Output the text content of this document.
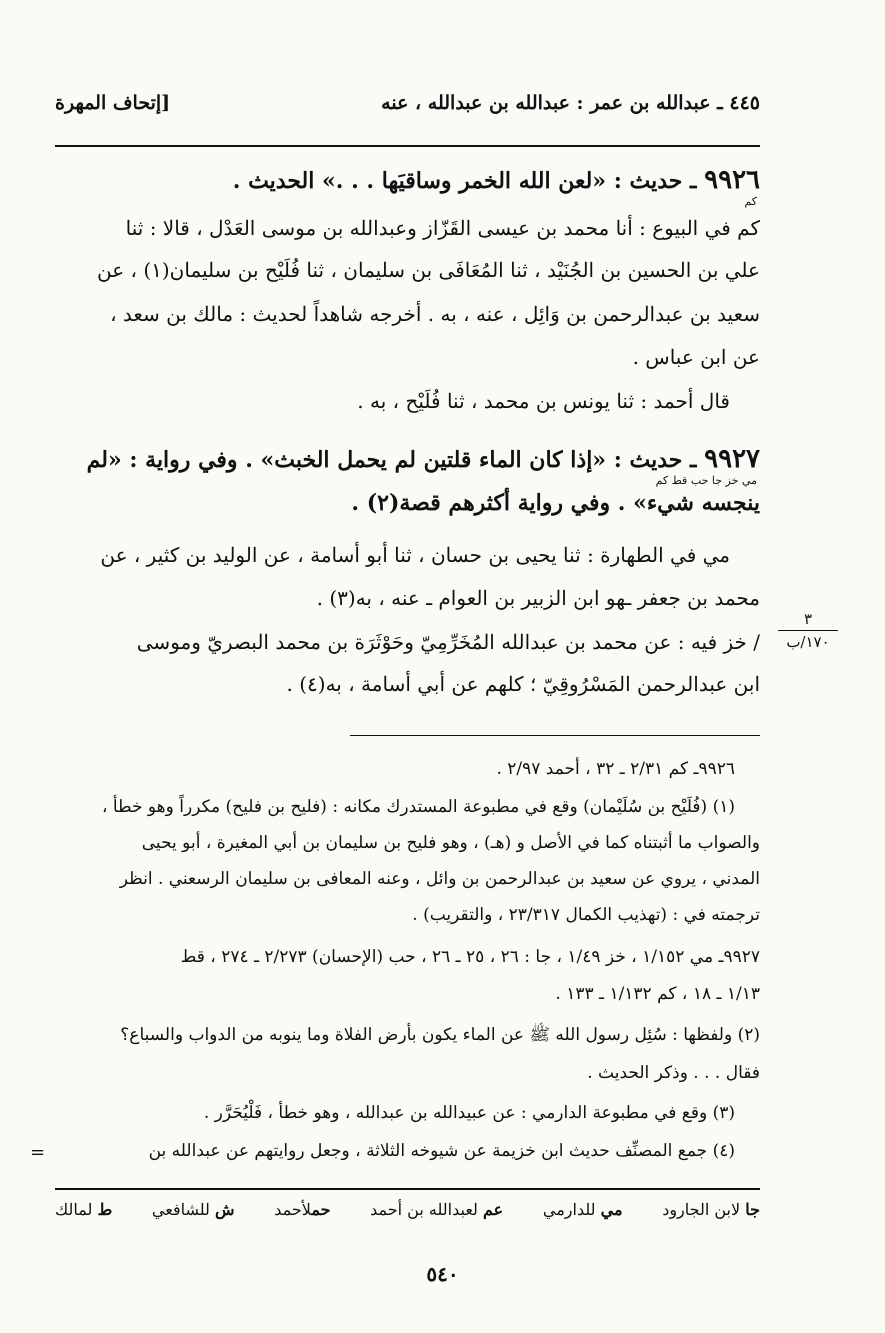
٤٤٥ ـ عبدالله بن عمر : عبدالله بن عبدالله ، عنه
[إتحاف المهرة
٩٩٢٦ ـ حديث : «لعن الله الخمر وساقيَها . . .» الحديث .
كم
كم في البيوع : أنا محمد بن عيسى القَزّاز وعبدالله بن موسى العَدْل ، قالا : ثنا
علي بن الحسين بن الجُنَيْد ، ثنا المُعَافَى بن سليمان ، ثنا فُلَيْح بن سليمان(١) ، عن
سعيد بن عبدالرحمن بن وَائِل ، عنه ، به . أخرجه شاهداً لحديث : مالك بن سعد ،
عن ابن عباس .
قال أحمد : ثنا يونس بن محمد ، ثنا فُلَيْح ، به .
٩٩٢٧ ـ حديث : «إذا كان الماء قلتين لم يحمل الخبث» . وفي رواية : «لم
مي خز جا حب قط كم
ينجسه شيء» . وفي رواية أكثرهم قصة(٢) .
مي في الطهارة : ثنا يحيى بن حسان ، ثنا أبو أسامة ، عن الوليد بن كثير ، عن
محمد بن جعفر ـهو ابن الزبير بن العوام ـ عنه ، به(٣) .
/ خز فيه : عن محمد بن عبدالله المُخَرِّمِيّ وحَوْثَرَة بن محمد البصريّ وموسى
ابن عبدالرحمن المَسْرُوقِيّ ؛ كلهم عن أبي أسامة ، به(٤) .
٣
١٧٠/ب
٩٩٢٦ـ كم ٢/٣١ ـ ٣٢ ، أحمد ٢/٩٧ .
(١) (فُلَيْح بن سُلَيْمان) وقع في مطبوعة المستدرك مكانه : (فليح بن فليح) مكرراً وهو خطأ ،
والصواب ما أثبتناه كما في الأصل و (هـ) ، وهو فليح بن سليمان بن أبي المغيرة ، أبو يحيى
المدني ، يروي عن سعيد بن عبدالرحمن بن وائل ، وعنه المعافى بن سليمان الرسعني . انظر
ترجمته في : (تهذيب الكمال ٢٣/٣١٧ ، والتقريب) .
٩٩٢٧ـ مي ١/١٥٢ ، خز ١/٤٩ ، جا : ٢٦ ، ٢٥ ـ ٢٦ ، حب (الإحسان) ٢/٢٧٣ ـ ٢٧٤ ، قط
١/١٣ ـ ١٨ ، كم ١/١٣٢ ـ ١٣٣ .
(٢) ولفظها : سُئِل رسول الله ﷺ عن الماء يكون بأرض الفلاة وما ينوبه من الدواب والسباع؟
فقال . . . وذكر الحديث .
(٣) وقع في مطبوعة الدارمي : عن عبيدالله بن عبدالله ، وهو خطأ ، فَلْيُحَرَّر .
(٤) جمع المصنِّف حديث ابن خزيمة عن شيوخه الثلاثة ، وجعل روايتهم عن عبدالله بن
=
ط لمالك	ش للشافعي	حملأحمد	عم لعبدالله بن أحمد	مي للدارمي	جا لابن الجارود
٥٤٠
